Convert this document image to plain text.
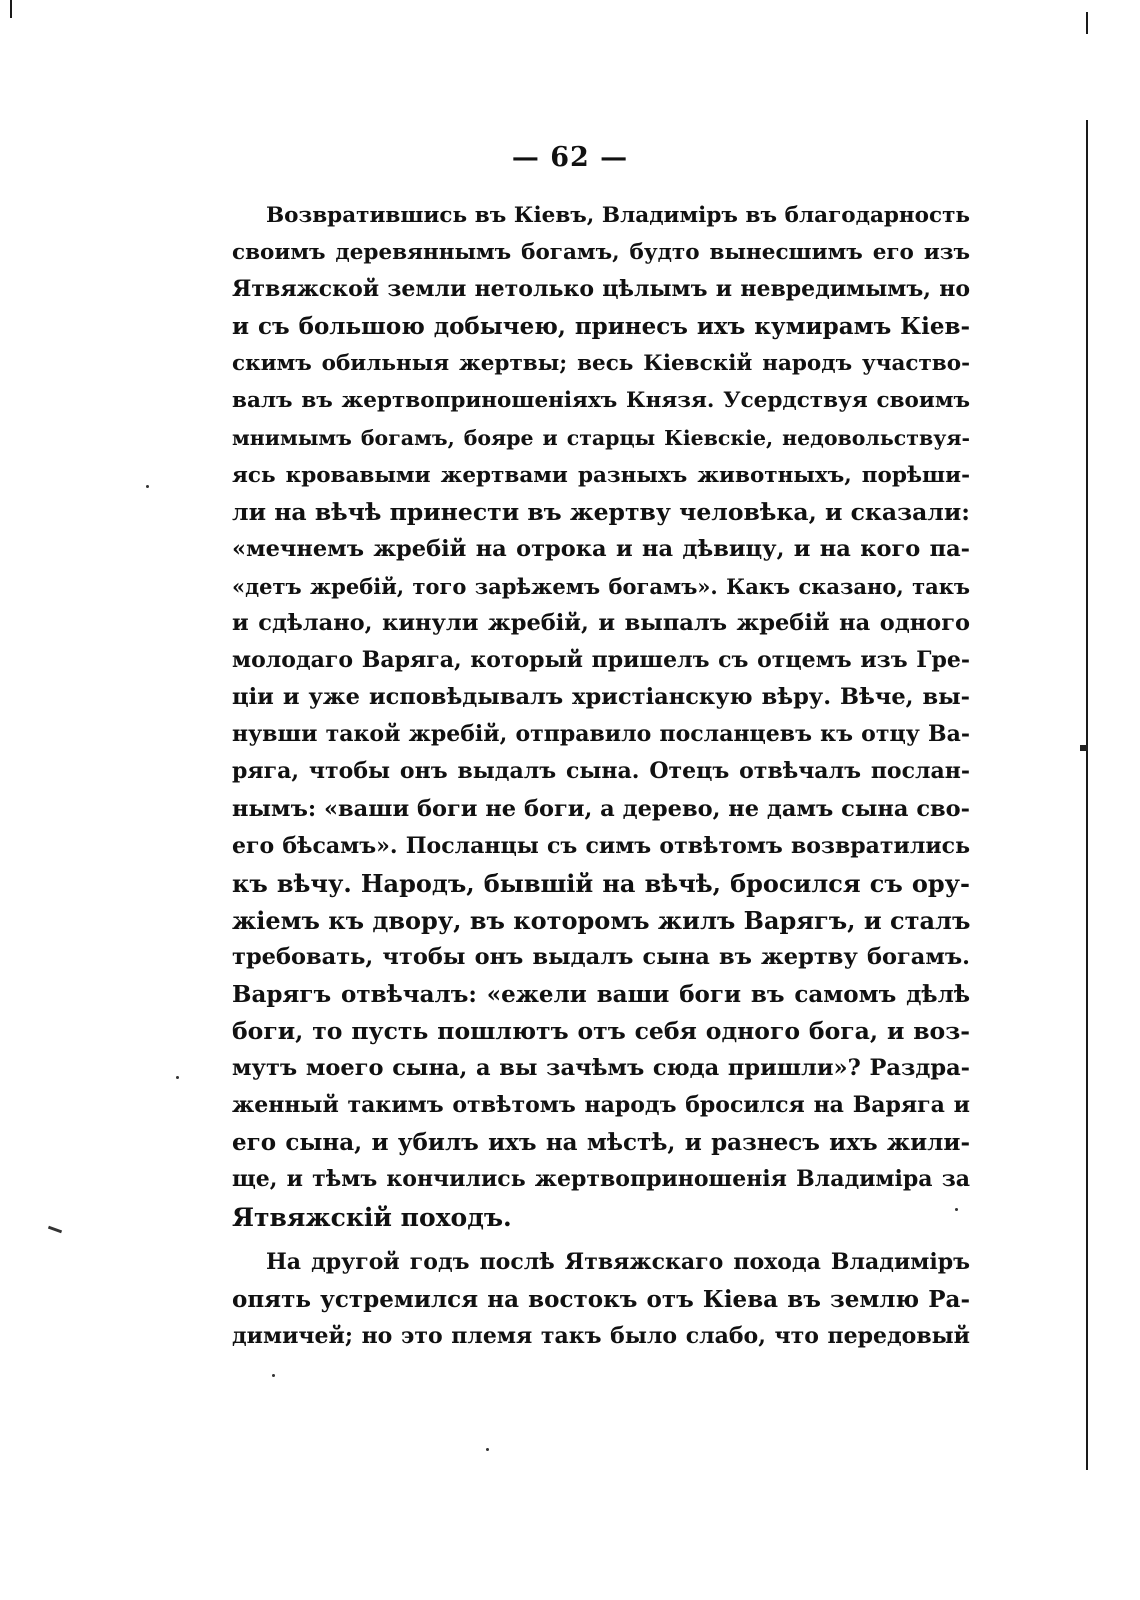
— 62 —
Возвратившись въ Кіевъ, Владиміръ въ благодарность
своимъ деревяннымъ богамъ, будто вынесшимъ его изъ
Ятвяжской земли нетолько цѣлымъ и невредимымъ, но
и съ большою добычею, принесъ ихъ кумирамъ Кіев-
скимъ обильныя жертвы; весь Кіевскій народъ участво-
валъ въ жертвоприношеніяхъ Князя. Усердствуя своимъ
мнимымъ богамъ, бояре и старцы Кіевскіе, недовольствуя-
ясь кровавыми жертвами разныхъ животныхъ, порѣши-
ли на вѣчѣ принести въ жертву человѣка, и сказали:
«мечнемъ жребій на отрока и на дѣвицу, и на кого па-
«детъ жребій, того зарѣжемъ богамъ». Какъ сказано, такъ
и сдѣлано, кинули жребій, и выпалъ жребій на одного
молодаго Варяга, который пришелъ съ отцемъ изъ Гре-
ціи и уже исповѣдывалъ христіанскую вѣру. Вѣче, вы-
нувши такой жребій, отправило посланцевъ къ отцу Ва-
ряга, чтобы онъ выдалъ сына. Отецъ отвѣчалъ послан-
нымъ: «ваши боги не боги, а дерево, не дамъ сына сво-
его бѣсамъ». Посланцы съ симъ отвѣтомъ возвратились
къ вѣчу. Народъ, бывшій на вѣчѣ, бросился съ ору-
жіемъ къ двору, въ которомъ жилъ Варягъ, и сталъ
требовать, чтобы онъ выдалъ сына въ жертву богамъ.
Варягъ отвѣчалъ: «ежели ваши боги въ самомъ дѣлѣ
боги, то пусть пошлютъ отъ себя одного бога, и воз-
мутъ моего сына, а вы зачѣмъ сюда пришли»? Раздра-
женный такимъ отвѣтомъ народъ бросился на Варяга и
его сына, и убилъ ихъ на мѣстѣ, и разнесъ ихъ жили-
ще, и тѣмъ кончились жертвоприношенія Владиміра за
Ятвяжскій походъ.
На другой годъ послѣ Ятвяжскаго похода Владиміръ
опять устремился на востокъ отъ Кіева въ землю Ра-
димичей; но это племя такъ было слабо, что передовый
